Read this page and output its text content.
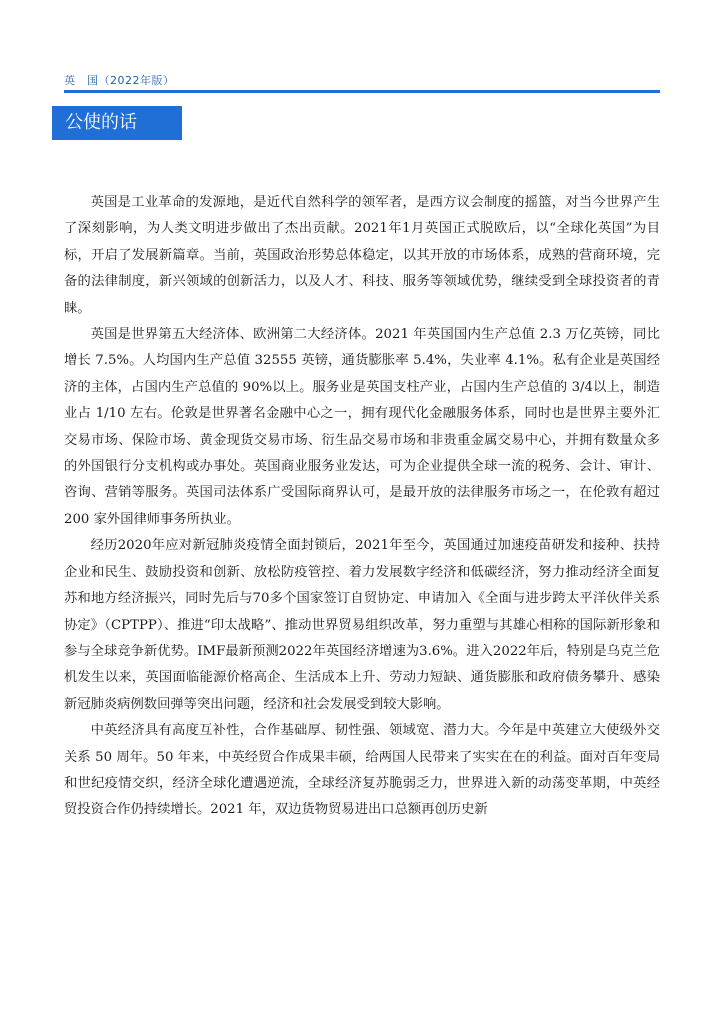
英　国（2022年版）
公使的话

英国是工业革命的发源地，是近代自然科学的领军者，是西方议会制度的摇篮，对当今世界产生了深刻影响，为人类文明进步做出了杰出贡献。2021年1月英国正式脱欧后，以“全球化英国”为目标，开启了发展新篇章。当前，英国政治形势总体稳定，以其开放的市场体系，成熟的营商环境，完备的法律制度，新兴领域的创新活力，以及人才、科技、服务等领域优势，继续受到全球投资者的青睐。

英国是世界第五大经济体、欧洲第二大经济体。2021 年英国国内生产总值 2.3 万亿英镑，同比增长 7.5%。人均国内生产总值 32555 英镑，通货膨胀率 5.4%，失业率 4.1%。私有企业是英国经济的主体，占国内生产总值的 90%以上。服务业是英国支柱产业，占国内生产总值的 3/4以上，制造业占 1/10 左右。伦敦是世界著名金融中心之一，拥有现代化金融服务体系，同时也是世界主要外汇交易市场、保险市场、黄金现货交易市场、衍生品交易市场和非贵重金属交易中心，并拥有数量众多的外国银行分支机构或办事处。英国商业服务业发达，可为企业提供全球一流的税务、会计、审计、咨询、营销等服务。英国司法体系广受国际商界认可，是最开放的法律服务市场之一，在伦敦有超过 200 家外国律师事务所执业。

经历2020年应对新冠肺炎疫情全面封锁后，2021年至今，英国通过加速疫苗研发和接种、扶持企业和民生、鼓励投资和创新、放松防疫管控、着力发展数字经济和低碳经济，努力推动经济全面复苏和地方经济振兴，同时先后与70多个国家签订自贸协定、申请加入《全面与进步跨太平洋伙伴关系协定》（CPTPP）、推进“印太战略”、推动世界贸易组织改革，努力重塑与其雄心相称的国际新形象和参与全球竞争新优势。IMF最新预测2022年英国经济增速为3.6%。进入2022年后，特别是乌克兰危机发生以来，英国面临能源价格高企、生活成本上升、劳动力短缺、通货膨胀和政府债务攀升、感染新冠肺炎病例数回弹等突出问题，经济和社会发展受到较大影响。

中英经济具有高度互补性，合作基础厚、韧性强、领域宽、潜力大。今年是中英建立大使级外交关系 50 周年。50 年来，中英经贸合作成果丰硕，给两国人民带来了实实在在的利益。面对百年变局和世纪疫情交织，经济全球化遭遇逆流，全球经济复苏脆弱乏力，世界进入新的动荡变革期，中英经贸投资合作仍持续增长。2021 年，双边货物贸易进出口总额再创历史新
